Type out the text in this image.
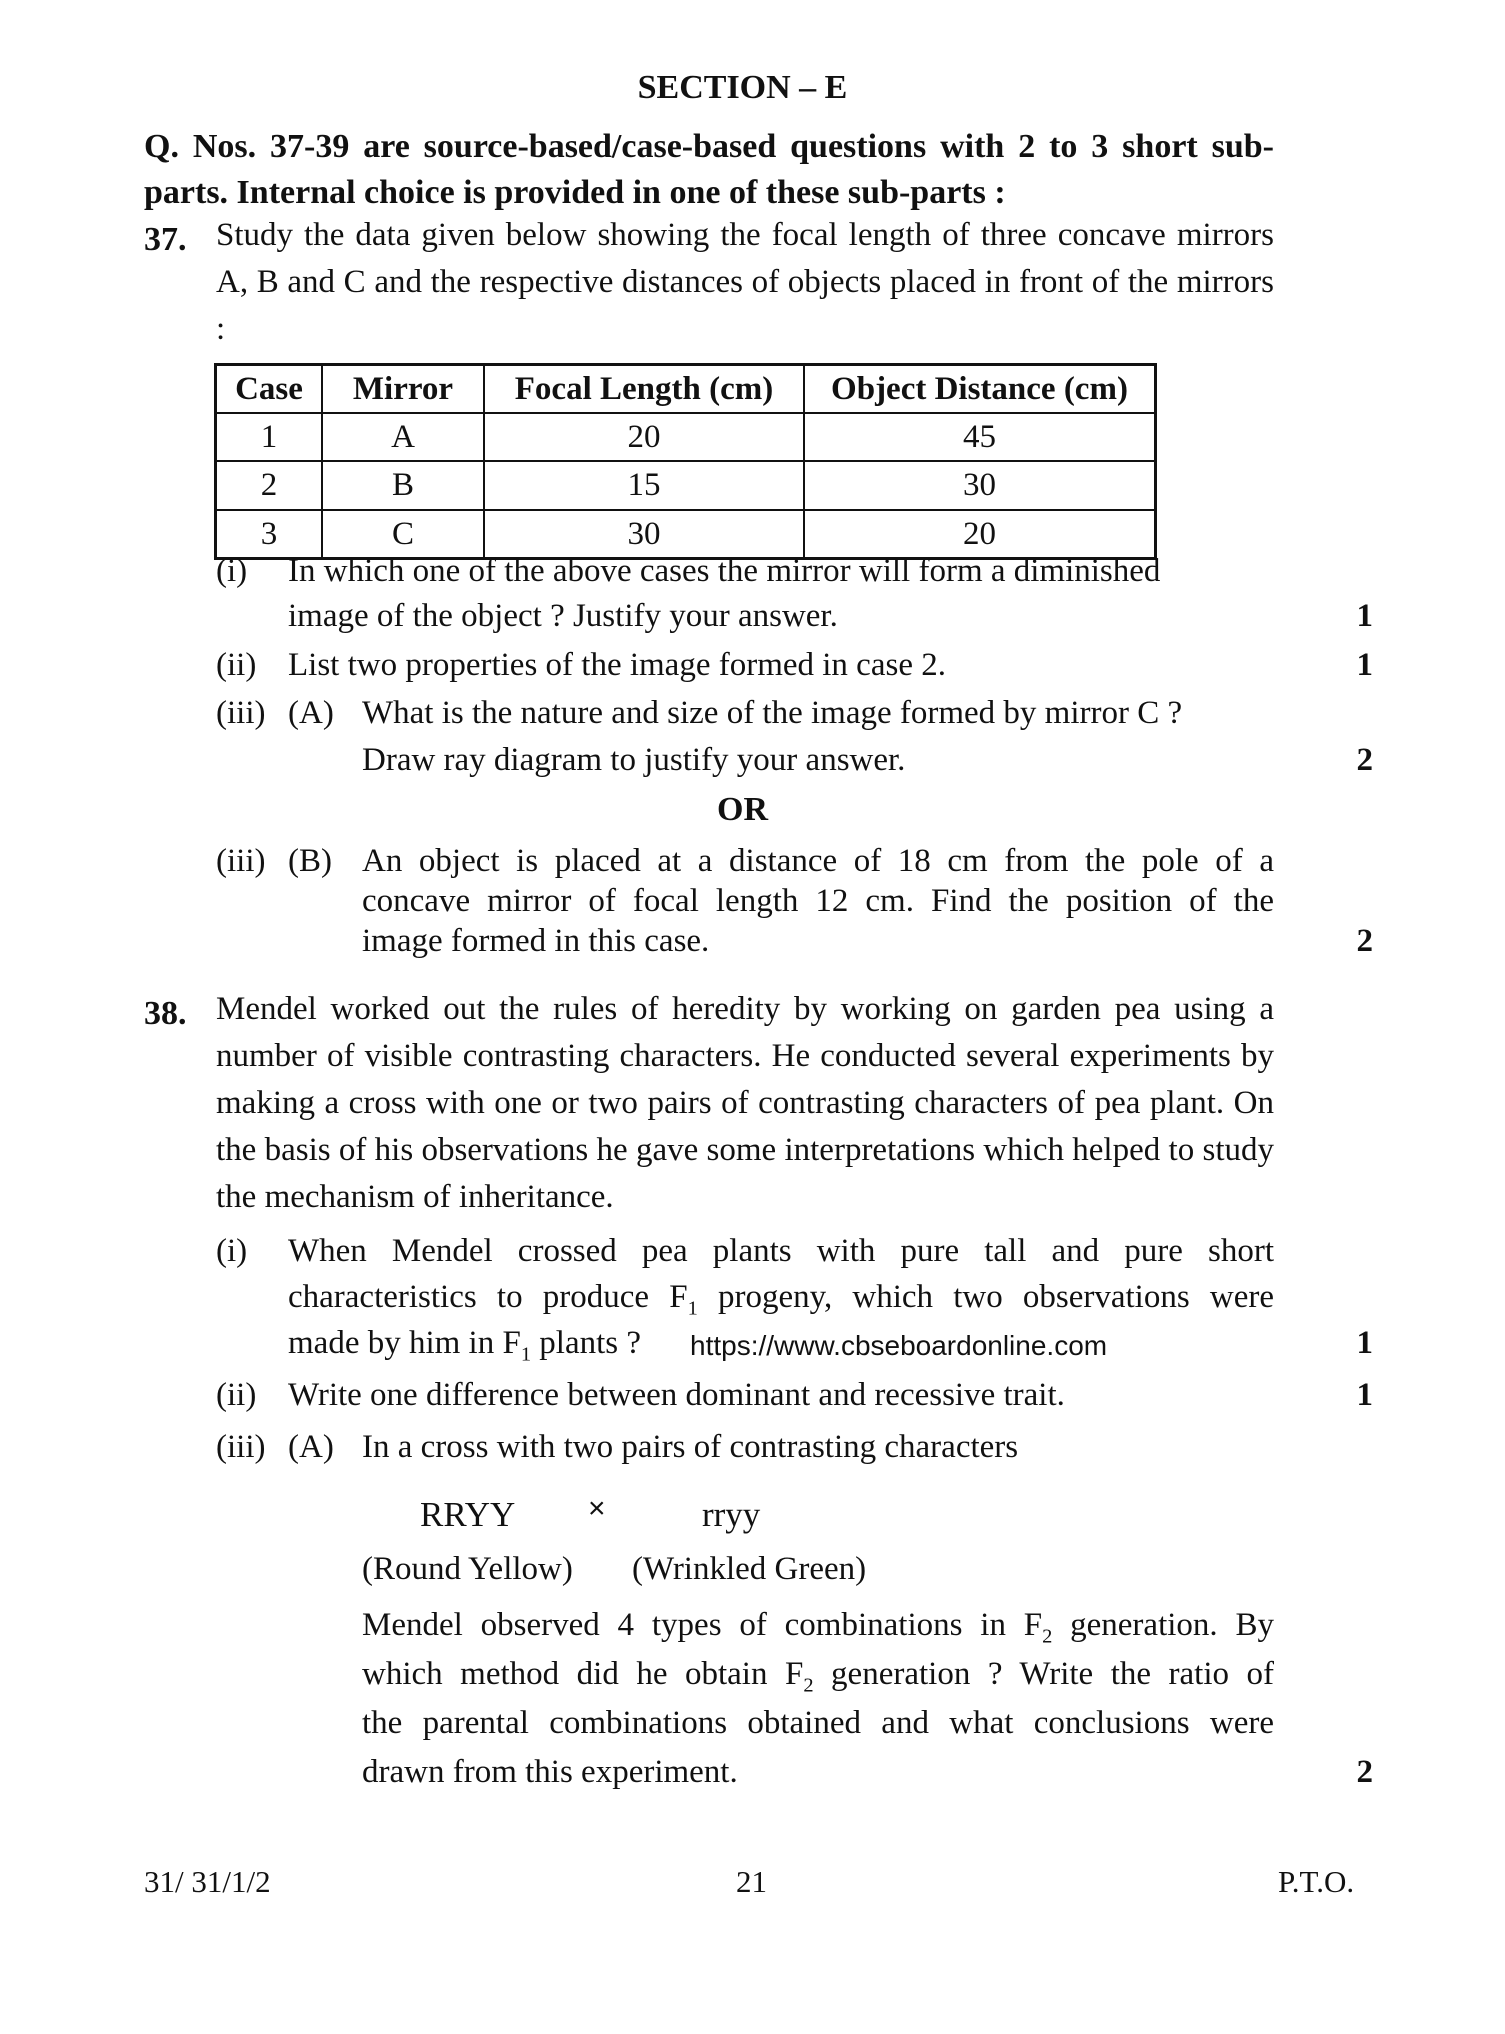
SECTION – E
Q. Nos. 37-39 are source-based/case-based questions with 2 to 3 short sub-parts. Internal choice is provided in one of these sub-parts :
37. Study the data given below showing the focal length of three concave mirrors A, B and C and the respective distances of objects placed in front of the mirrors :
Case	Mirror	Focal Length (cm)	Object Distance (cm)
1	A	20	45
2	B	15	30
3	C	30	20
(i) In which one of the above cases the mirror will form a diminished
image of the object ? Justify your answer.	1
(ii) List two properties of the image formed in case 2.	1
(iii) (A) What is the nature and size of the image formed by mirror C ?
Draw ray diagram to justify your answer.	2
OR
(iii) (B) An object is placed at a distance of 18 cm from the pole of a
concave mirror of focal length 12 cm. Find the position of the
image formed in this case.	2
38. Mendel worked out the rules of heredity by working on garden pea using a number of visible contrasting characters. He conducted several experiments by making a cross with one or two pairs of contrasting characters of pea plant. On the basis of his observations he gave some interpretations which helped to study the mechanism of inheritance.
(i) When Mendel crossed pea plants with pure tall and pure short
characteristics to produce $F_1$ progeny, which two observations were
made by him in $F_1$ plants ? https://www.cbseboardonline.com	1
(ii) Write one difference between dominant and recessive trait.	1
(iii) (A) In a cross with two pairs of contrasting characters
RRYY ×	rryy
(Round Yellow) (Wrinkled Green)
Mendel observed 4 types of combinations in $F_2$ generation. By
which method did he obtain $F_2$ generation ? Write the ratio of
the parental combinations obtained and what conclusions were
drawn from this experiment.	2
31/ 31/1/2	21	P.T.O.
